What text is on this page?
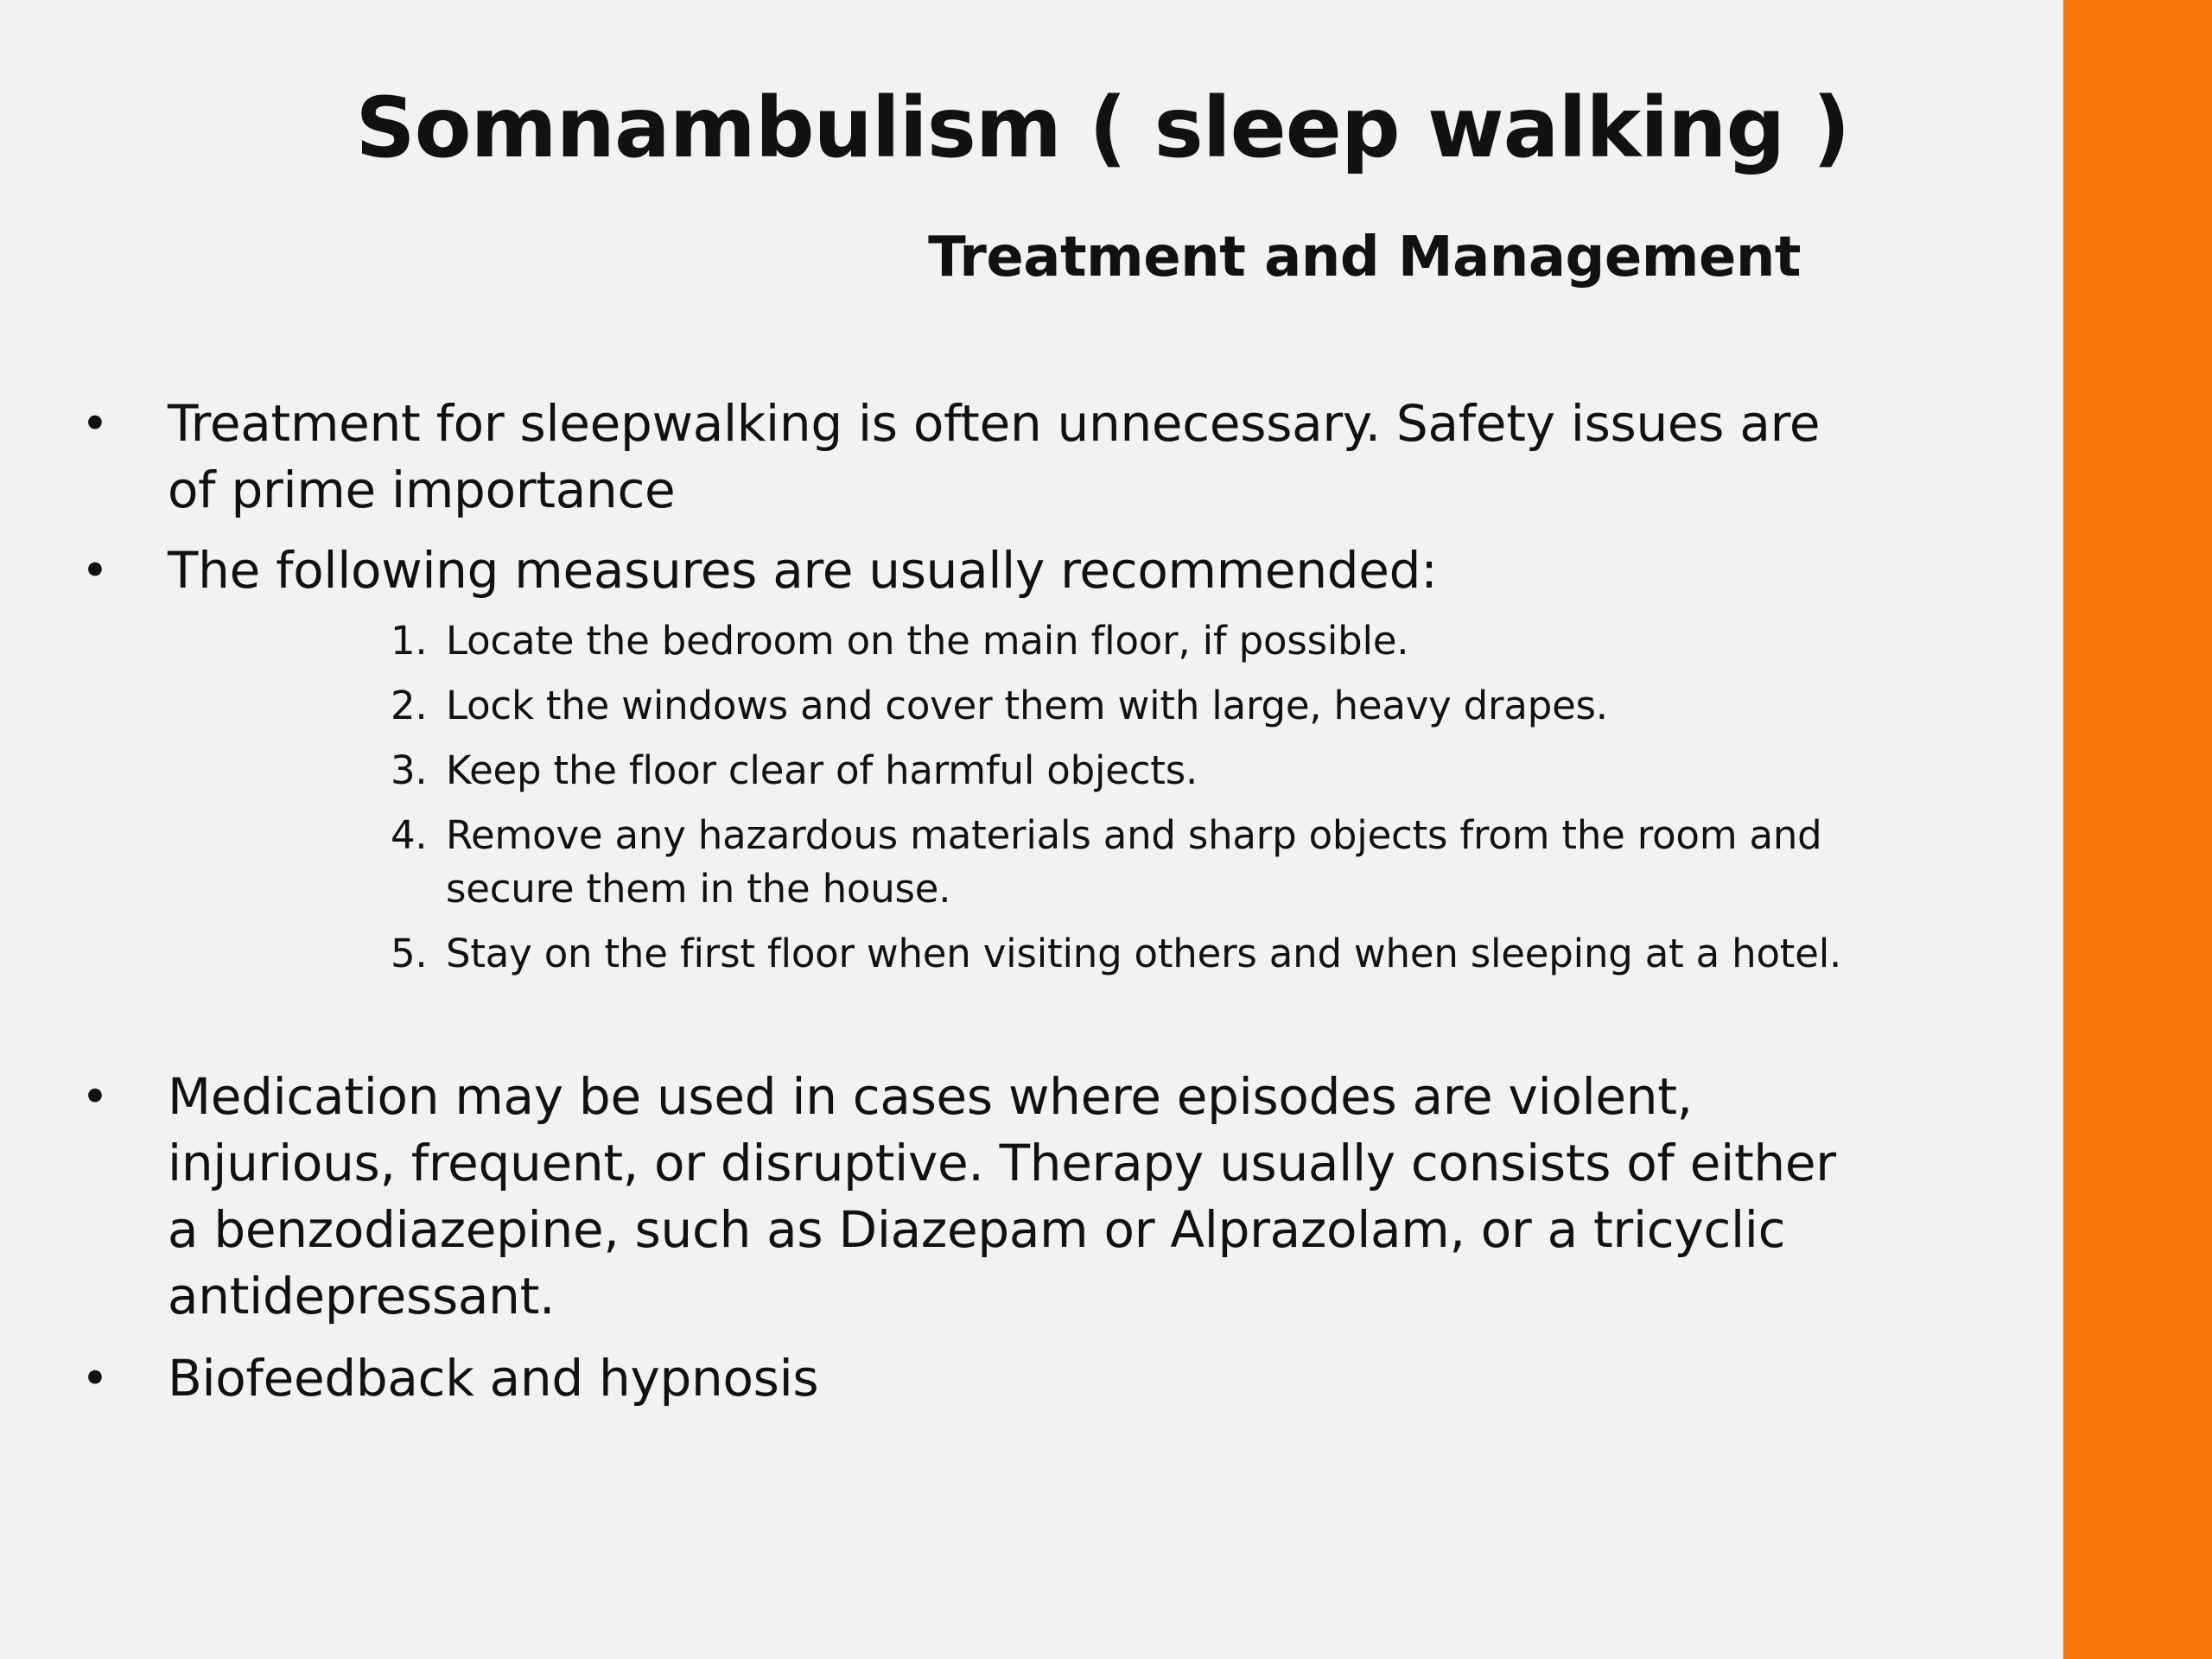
Somnambulism ( sleep walking )
Treatment and Management
• Treatment for sleepwalking is often unnecessary. Safety issues are of prime importance
• The following measures are usually recommended:
1. Locate the bedroom on the main floor, if possible.
2. Lock the windows and cover them with large, heavy drapes.
3. Keep the floor clear of harmful objects.
4. Remove any hazardous materials and sharp objects from the room and secure them in the house.
5. Stay on the first floor when visiting others and when sleeping at a hotel.
• Medication may be used in cases where episodes are violent, injurious, frequent, or disruptive. Therapy usually consists of either a benzodiazepine, such as Diazepam or Alprazolam, or a tricyclic antidepressant.
• Biofeedback and hypnosis
